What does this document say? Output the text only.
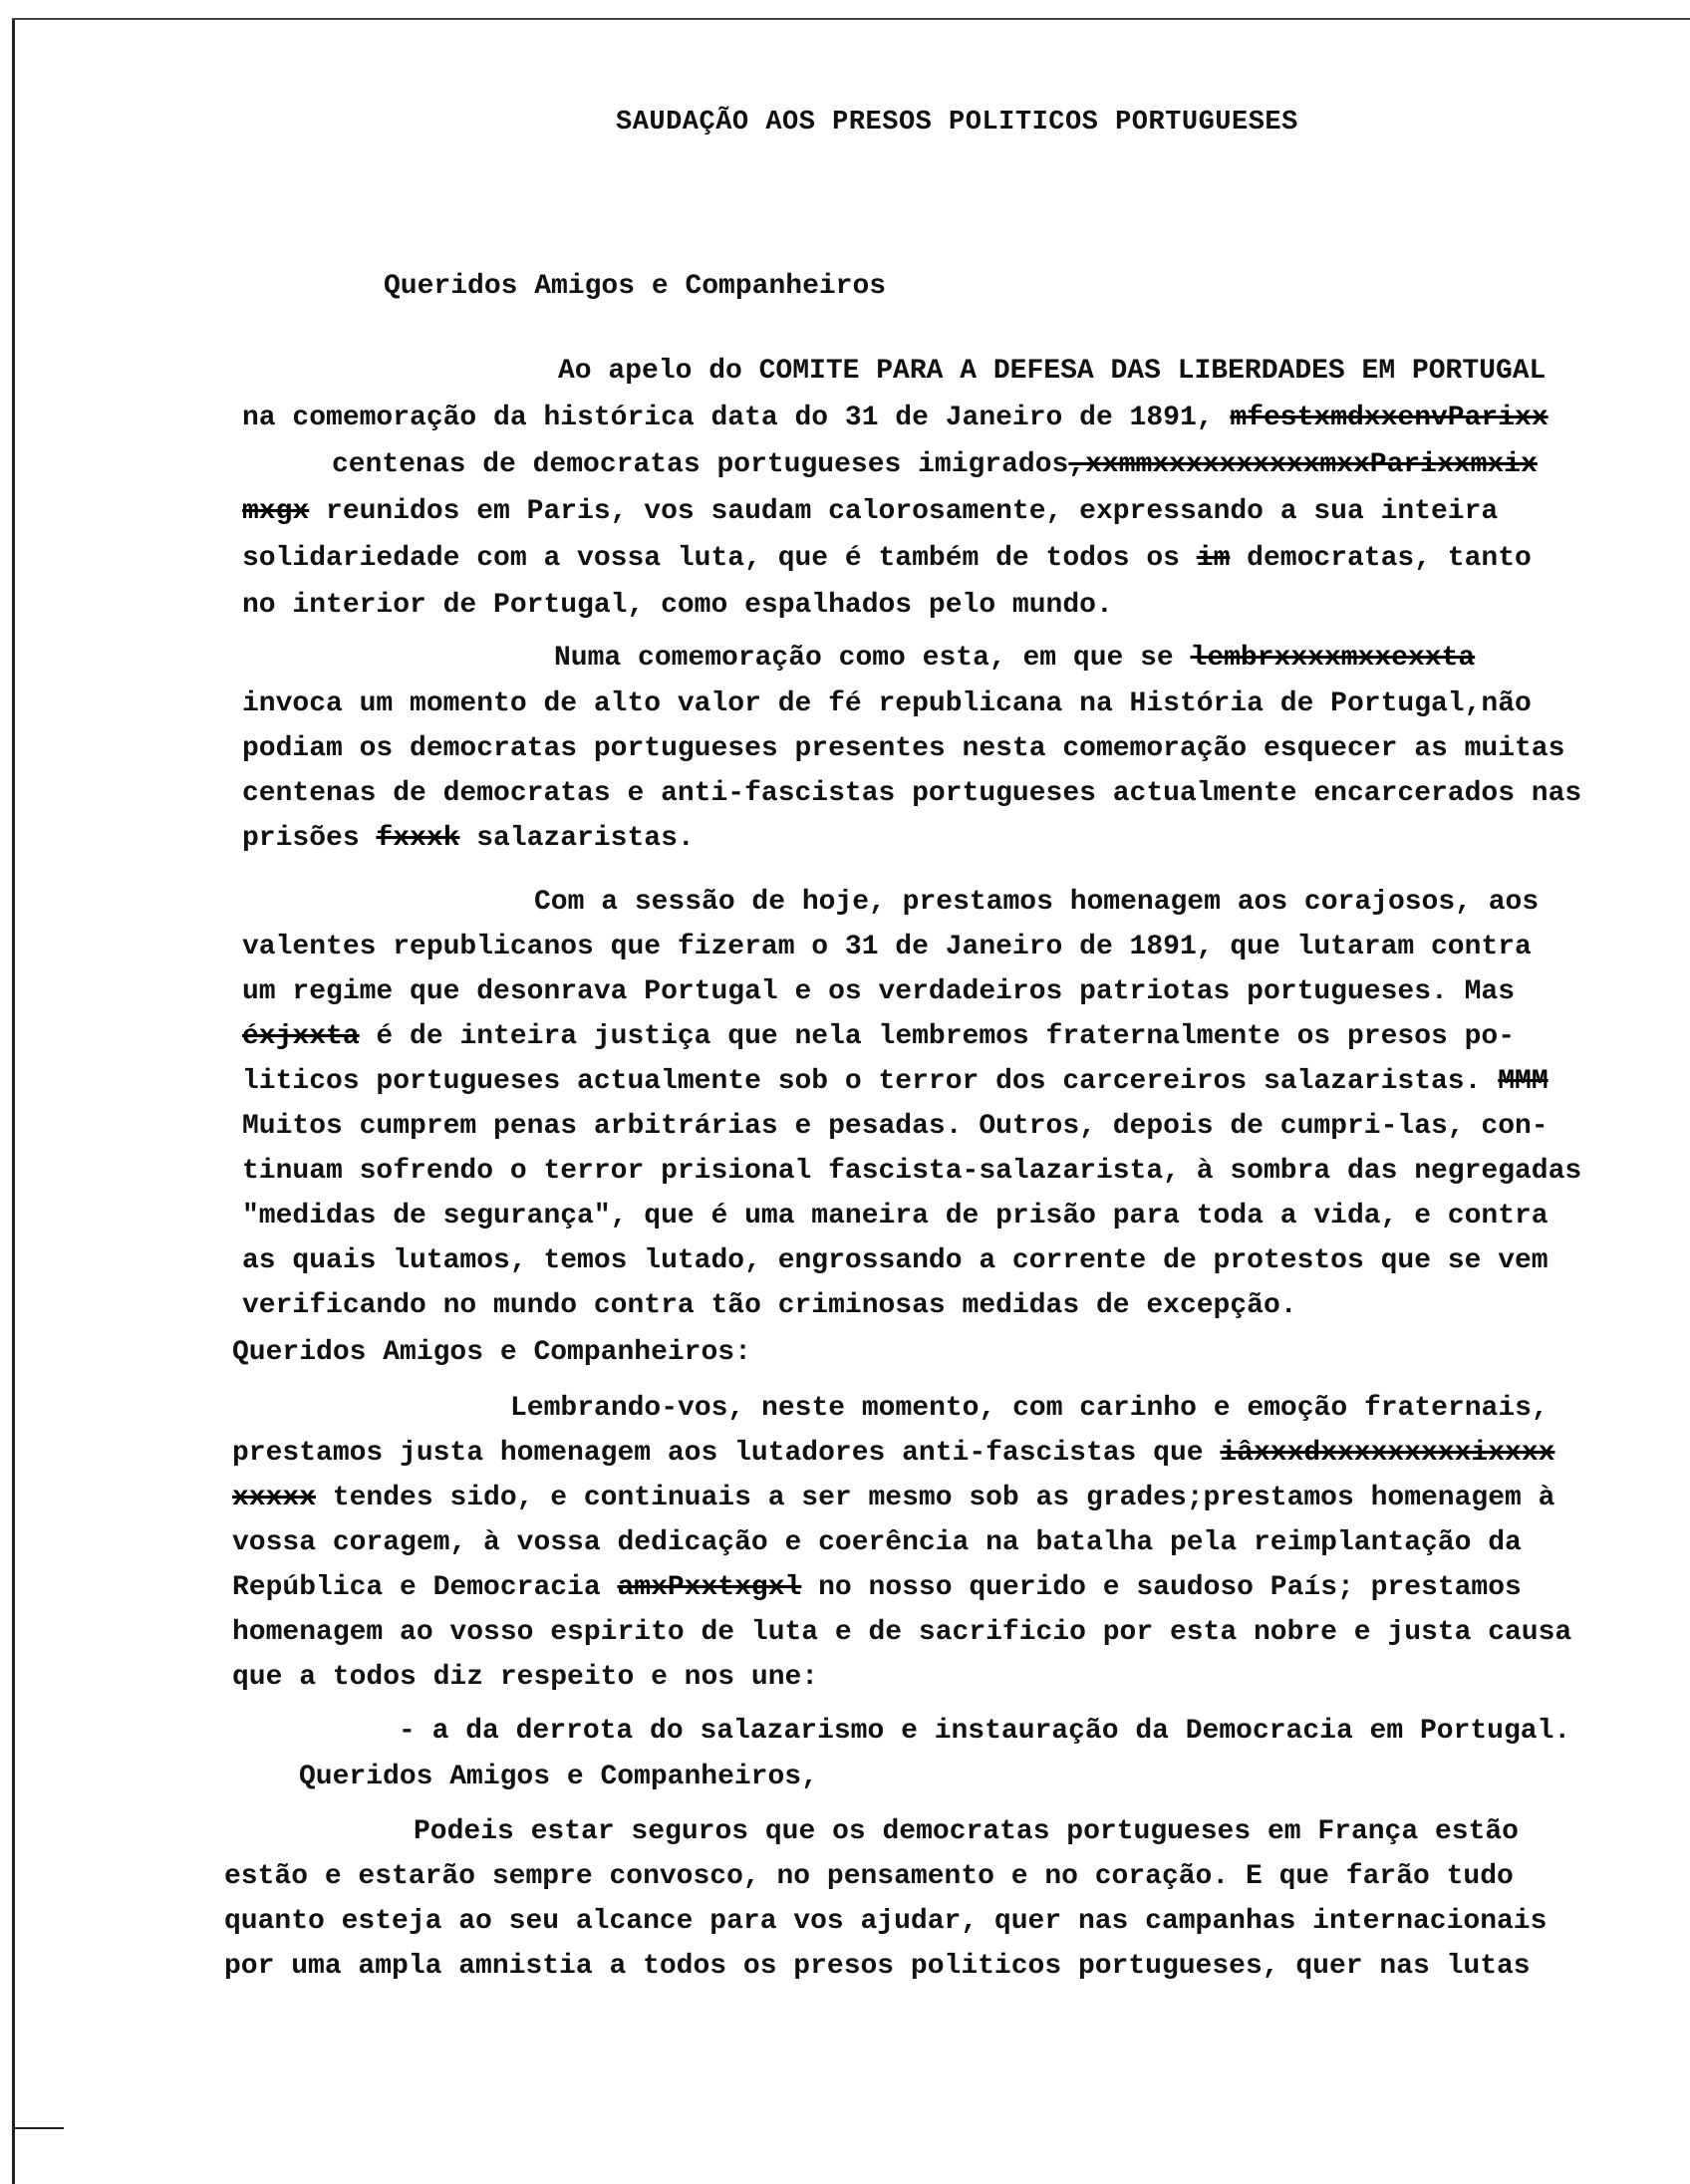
SAUDAÇÃO AOS PRESOS POLITICOS PORTUGUESES
Queridos Amigos e Companheiros
Ao apelo do COMITE PARA A DEFESA DAS LIBERDADES EM PORTUGAL
na comemoração da histórica data do 31 de Janeiro de 1891, mfestxmdxxenvParixx
centenas de democratas portugueses imigrados,xxmmxxxxxxxxxxmxxParixxmxix
mxgx reunidos em Paris, vos saudam calorosamente, expressando a sua inteira
solidariedade com a vossa luta, que é também de todos os im democratas, tanto
no interior de Portugal, como espalhados pelo mundo.
Numa comemoração como esta, em que se lembrxxxxmxxexxta
invoca um momento de alto valor de fé republicana na História de Portugal,não
podiam os democratas portugueses presentes nesta comemoração esquecer as muitas
centenas de democratas e anti-fascistas portugueses actualmente encarcerados nas
prisões fxxxk salazaristas.
Com a sessão de hoje, prestamos homenagem aos corajosos, aos
valentes republicanos que fizeram o 31 de Janeiro de 1891, que lutaram contra
um regime que desonrava Portugal e os verdadeiros patriotas portugueses. Mas
éxjxxta é de inteira justiça que nela lembremos fraternalmente os presos po-
liticos portugueses actualmente sob o terror dos carcereiros salazaristas. MMM
Muitos cumprem penas arbitrárias e pesadas. Outros, depois de cumpri-las, con-
tinuam sofrendo o terror prisional fascista-salazarista, à sombra das negregadas
"medidas de segurança", que é uma maneira de prisão para toda a vida, e contra
as quais lutamos, temos lutado, engrossando a corrente de protestos que se vem
verificando no mundo contra tão criminosas medidas de excepção.
Queridos Amigos e Companheiros:
Lembrando-vos, neste momento, com carinho e emoção fraternais,
prestamos justa homenagem aos lutadores anti-fascistas que iâxxxdxxxxxxxxxixxxx
xxxxx tendes sido, e continuais a ser mesmo sob as grades;prestamos homenagem à
vossa coragem, à vossa dedicação e coerência na batalha pela reimplantação da
República e Democracia amxPxxtxgxl no nosso querido e saudoso País; prestamos
homenagem ao vosso espirito de luta e de sacrificio por esta nobre e justa causa
que a todos diz respeito e nos une:
- a da derrota do salazarismo e instauração da Democracia em Portugal.
Queridos Amigos e Companheiros,
Podeis estar seguros que os democratas portugueses em França estão
estão e estarão sempre convosco, no pensamento e no coração. E que farão tudo
quanto esteja ao seu alcance para vos ajudar, quer nas campanhas internacionais
por uma ampla amnistia a todos os presos politicos portugueses, quer nas lutas
